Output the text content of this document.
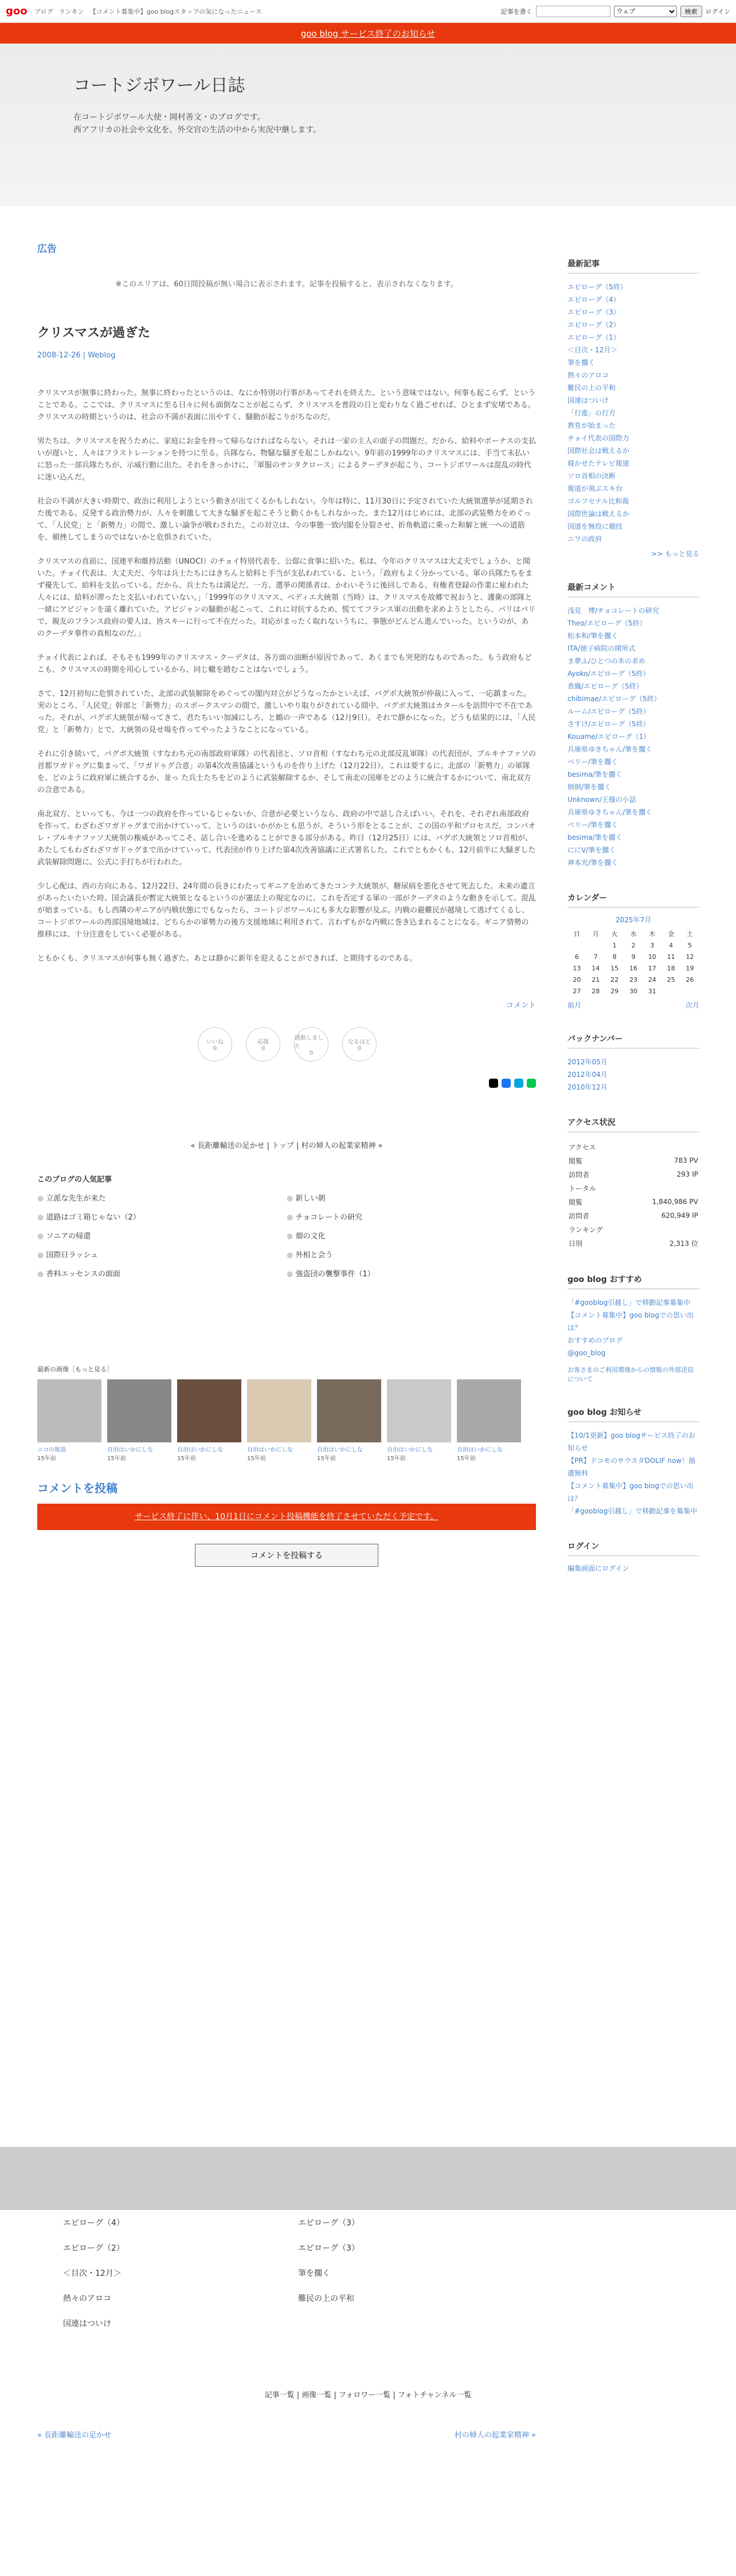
goo ブログ ランキン 【コメント募集中】goo blogスタッフの気になったニュース	記事を書く
ウェブ	検索	ログイン
goo blog サービス終了のお知らせ
コートジボワール日誌

在コートジボワール大使・岡村善文・のブログです。

西アフリカの社会や文化を、外交官の生活の中から実況中継します。

広告
※このエリアは、60日間投稿が無い場合に表示されます。記事を投稿すると、表示されなくなります。
クリスマスが過ぎた
2008-12-26 | Weblog

クリスマスが無事に終わった。無事に終わったというのは、なにか特別の行事があってそれを終えた、という意味ではない。何事も起こらず、ということである。ここでは、クリスマスに至る日々に何も面倒なことが起こらず、クリスマスを普段の日と変わりなく過ごせれば、ひとまず安堵である。クリスマスの時期というのは、社会の不満が表面に出やすく、騒動が起こりがちなのだ。

男たちは、クリスマスを祝うために、家庭にお金を持って帰らなければならない。それは一家の主人の面子の問題だ。だから、給料やボーナスの支払いが遅いと、人々はフラストレーションを持つに至る。兵隊なら、物騒な騒ぎを起こしかねない。9年前の1999年のクリスマスには、手当て未払いに怒った一部兵隊たちが、示威行動に出た。それをきっかけに、「軍服のサンタクロース」によるクーデタが起こり、コートジボワールは混乱の時代に迷い込んだ。

社会の不満が大きい時期で、政治に利用しようという動きが出てくるかもしれない。今年は特に、11月30日に予定されていた大統領選挙が延期された後である。反発する政治勢力が、人々を刺激して大きな騒ぎを起こそうと動くかもしれなかった。また12月はじめには、北部の武装勢力をめぐって、「人民党」と「新勢力」の間で、激しい論争が戦わされた。この対立は、今の事態一致内閣を分裂させ、折角軌道に乗った和解と統一への道筋を、頓挫してしまうのではないかと危惧されていた。

クリスマスの直前に、国連平和維持活動（UNOCI）のチョイ特別代表を、公邸に食事に招いた。私は、今年のクリスマスは大丈夫でしょうか、と聞いた。チョイ代表は、大丈夫だ、今年は兵士たちにはきちんと給料と手当が支払われている、という。「政府もよく分かっている。軍の兵隊たちをまず優先して、給料を支払っている。だから、兵士たちは満足だ。一方、選挙の関係者は、かわいそうに後回しである。有権者登録の作業に雇われた人々には、給料が滞ったと支払いわれていない。」「1999年のクリスマス、ベディエ大統領（当時）は、クリスマスを故郷で祝おうと、護衛の部隊と一緒にアビジャンを遠く離れていた。アビジャンの騒動が起こって、これに対抗するため、慌ててフランス軍の出動を求めようとしたら、パリはバリで、親友のフランス政府の要人は、皆スキーに行って不在だった。対応がまったく取れないうちに、事態がどんどん進んでいった。というのが、あのクーデタ事件の真相なのだ。」

チョイ代表によれば、そもそも1999年のクリスマス・クーデタは、各方面の油断が原因であって、あくまでも突発的なものであった。もう政府もどこも、クリスマスの時期を用心しているから、同じ轍を踏むことはないでしょう。

さて、12月初旬に危惧されていた、北部の武装解除をめぐっての閣内対立がどうなったかといえば、バグボ大統領が仲裁に入って、一応鎮まった。実のところ、「人民党」幹部と「新勢力」のスポークスマンの間で、激しいやり取りがされている間中、バグボ大統領はカタールを訪問中で不在であった。それが、バグボ大統領が帰ってきて、君たちいい加減にしろ、と鶴の一声である（12月9日）。それで静かになった。どうも結果的には、「人民党」と「新勢力」とで、大統領の見せ場を作ってやったようなことになっている。

それに引き続いて、バグボ大統領（すなわち元の南部政府軍隊）の代表団と、ソロ首相（すなわち元の北部反乱軍隊）の代表団が、ブルキナファソの首都ワガドゥグに集まって、「ワガドゥグ合意」の第4次改善協議というものを作り上げた（12月22日）。これは要するに、北部の「新勢力」の軍隊を、どのように政府軍に統合するか、並っ た兵士たちをどのように武装解除するか、そして南北の国庫をどのように統合するかについて、南北双方の合意である。

南北双方、といっても、今は一つの政府を作っているじゃないか、合意が必要というなら、政府の中で話し合えばいい。それを、それぞれ南部政府を作って、わざわざワガドゥグまで出かけていって、というのはいかがかとも思うが、そういう形をとることが、この国の平和プロセスだ。コンパオレ・ブルキナファソ大統領の権威があってこそ、話し合いを進めることができる部分がある。昨日（12月25日）には、バグボ大統領とソロ首相が、あたしてもわざわざワガドゥグまで出かけていって、代表団が作り上げた第4次改善協議に正式署名した。これでともかくも、12月前半に大騒ぎした武装解除問題に、公式に手打ちが行われた。

少し心配は、西の方向にある。12月22日、24年間の長きにわたってギニアを治めてきたコンテ大統領が、糖尿病を悪化させて死去した。未来の遺言があったいたいた時、国会議長が暫定大統領となるというのが憲法上の規定なのに、これを否定する軍の一部がクーデタのような動きを示して、混乱が始まっている。もし西隣のギニアが内戦状態にでもなったら、コートジボワールにも多大な影響が及ぶ。内戦の避難民が越境して逃げてくるし、コートジボワールの西部国境地域は、どちらかの軍勢力の後方支援地域に利用されて、言わずもがな内戦に巻き込まれることになる。ギニア情勢の推移には、十分注意をしていく必要がある。

ともかくも、クリスマスが何事も無く過ぎた。あとは静かに新年を迎えることができれば、と期待するのである。

コメント
いいね
0
応援
0
感動しました
0
なるほど
0
« 長距離輸送の足かせ | トップ | 村の婦人の起業家精神 »
このブログの人気記事
● 立派な先生が来た	● 新しい朝
● 道路はゴミ箱じゃない（2）	● チョコレートの研究
● ソニアの帰還	● 畑の文化
● 国際日ラッシュ	● 外相と会う
● 香料エッセンスの面面	● 強盗団の襲撃事件（1）
最新の画像［もっと見る］
ニコの報道
15年前
自治はいかにしな
15年前
自治はいかにしな
15年前
自治はいかにしな
15年前
自治はいかにしな
15年前
自治はいかにしな
15年前
自治はいかにしな
15年前
コメントを投稿
サービス終了に伴い、10月1日にコメント投稿機能を終了させていただく予定です。
コメントを投稿する
エピローグ（4）	エピローグ（3）
エピローグ（2）	エピローグ（3）
＜目次・12月＞	筆を擱く
熱々のアロコ	難民の上の平和
国連はついけ
記事一覧 | 画像一覧 | フォロワー一覧 | フォトチャンネル一覧
« 長距離輸送の足かせ	村の婦人の起業家精神 »
最新記事
エピローグ（5終）
エピローグ（4）
エピローグ（3）
エピローグ（2）
エピローグ（1）
＜目次・12月＞
筆を擱く
熱々のアロコ
難民の上の平和
国連はついけ
「行進」の行方
教育が始まった
チョイ代表の国際力
国際社会は戦えるか
寝かせたテレビ報道
ソロ首相の決断
報道が飛ぶスキ台
ゴルフセナル比和裁
国際世論は戦えるか
国道を無役に競技
ニワの政府
>> もっと見る
最新コメント
浅見　博/チョコレートの研究
Theo/エピローグ（5終）
松本和/筆を擱く
ITA/徳子病院の開所式
ま夢ふ/ひとつの木の求め
Ayoko/エピローグ（5終）
香織/エピローグ（5終）
chibimae/エピローグ（5終）
ルーム/エピローグ（5終）
さすけ/エピローグ（5終）
Kouame/エピローグ（1）
兵庫県ゆきちゃん/筆を擱く
ベリー/筆を擱く
besima/筆を擱く
倒倒/筆を擱く
Unknown/王様の小話
兵庫県ゆきちゃん/筆を擱く
ベリー/筆を擱く
besima/筆を擱く
ににV/筆を擱く
神本光/筆を擱く
カレンダー
2025年7月
日	月	火	水	木	金	土
		1	2	3	4	5
6	7	8	9	10	11	12
13	14	15	16	17	18	19
20	21	22	23	24	25	26
27	28	29	30	31		
前月	次月
バックナンバー
2012年05月
2012年04月
2010年12月
アクセス状況
アクセス	
閲覧	783 PV
訪問者	293 IP
トータル	
閲覧	1,840,986 PV
訪問者	620,949 IP
ランキング	
日別	2,313 位
goo blog おすすめ
「#gooblog引越し」で移動記事募集中
【コメント募集中】goo blogでの思い出は？
おすすめのブログ
@goo_blog

お客さまのご利用環境からの情報の外部送信について

goo blog お知らせ
【10/1更新】goo blogサービス終了のお知らせ
【PR】ドコモのサウスダDOLIF now！抽選無料
【コメント募集中】goo blogでの思い出は？
「#gooblog引越し」で移動記事を募集中
ログイン
編集画面にログイン
